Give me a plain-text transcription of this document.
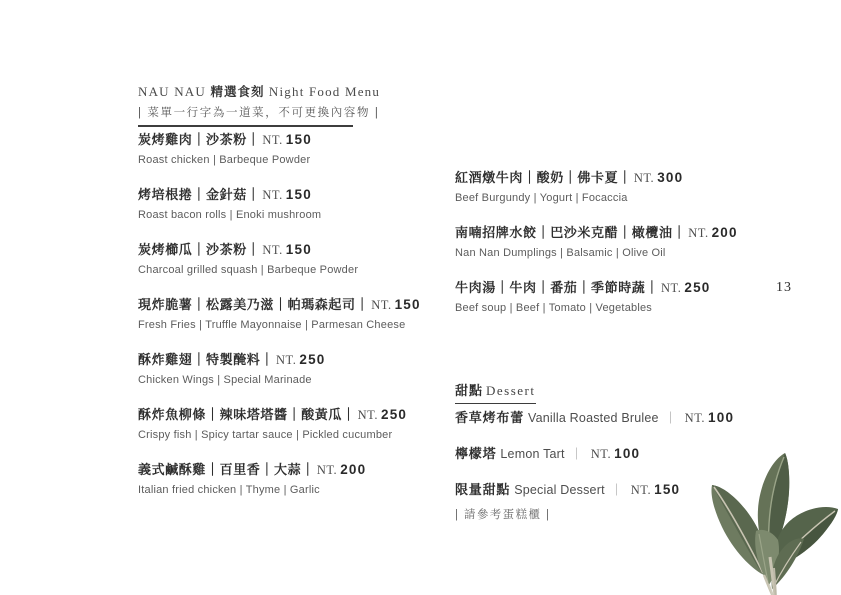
NAU NAU 精選食刻 Night Food Menu
| 菜單一行字為一道菜，不可更換內容物 |
炭烤雞肉｜沙茶粉｜ NT. 150
Roast chicken | Barbeque Powder
烤培根捲｜金針菇｜ NT. 150
Roast bacon rolls | Enoki mushroom
炭烤櫛瓜｜沙茶粉｜ NT. 150
Charcoal grilled squash | Barbeque Powder
現炸脆薯｜松露美乃滋｜帕瑪森起司｜ NT. 150
Fresh Fries | Truffle Mayonnaise | Parmesan Cheese
酥炸雞翅｜特製醃料｜ NT. 250
Chicken Wings | Special Marinade
酥炸魚柳條｜辣味塔塔醬｜酸黃瓜｜ NT. 250
Crispy fish | Spicy tartar sauce | Pickled cucumber
義式鹹酥雞｜百里香｜大蒜｜ NT. 200
Italian fried chicken | Thyme | Garlic
紅酒燉牛肉｜酸奶｜佛卡夏｜ NT. 300
Beef Burgundy | Yogurt | Focaccia
南喃招牌水餃｜巴沙米克醋｜橄欖油｜ NT. 200
Nan Nan Dumplings | Balsamic | Olive Oil
牛肉湯｜牛肉｜番茄｜季節時蔬｜ NT. 250
Beef soup | Beef | Tomato | Vegetables
甜點 Dessert
香草烤布蕾 Vanilla Roasted Brulee ｜ NT. 100
檸檬塔 Lemon Tart ｜ NT. 100
限量甜點 Special Dessert ｜ NT. 150
| 請參考蛋糕櫃 |
13
